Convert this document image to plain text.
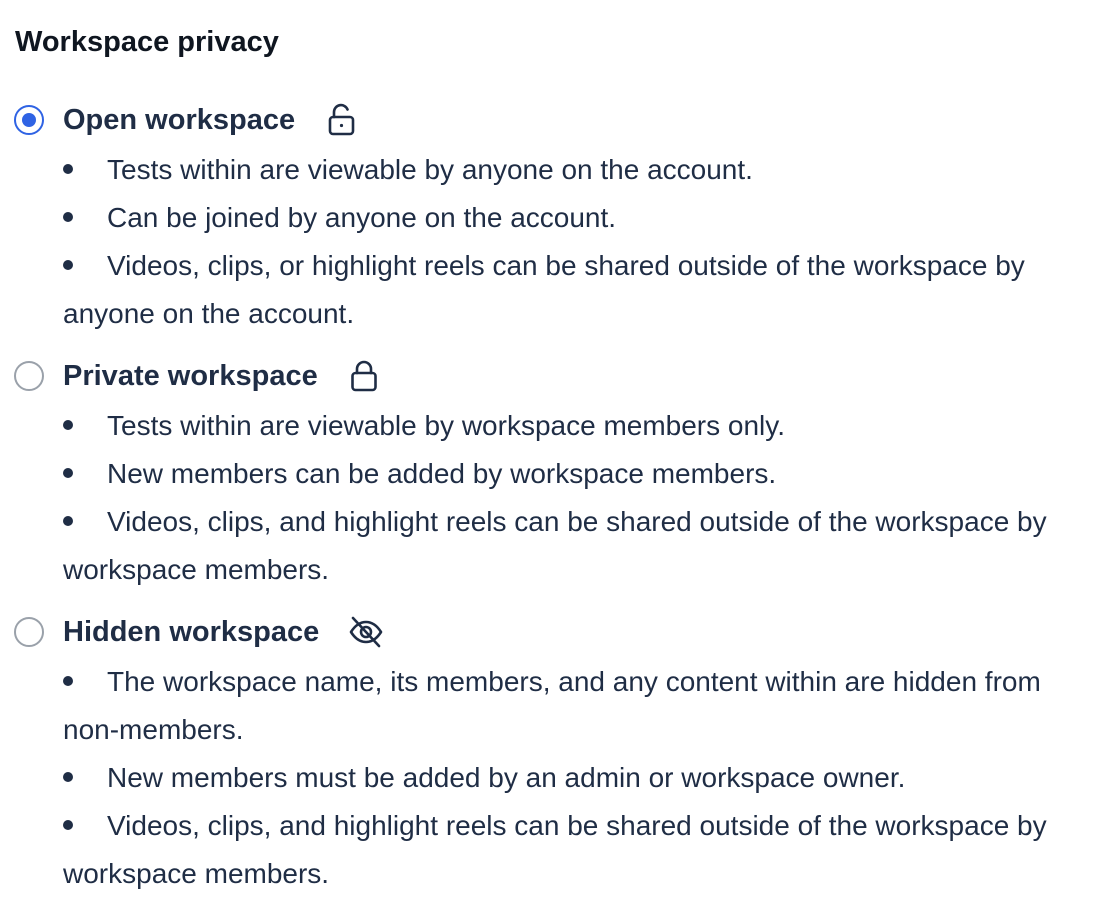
Workspace privacy
Open workspace
Tests within are viewable by anyone on the account.
Can be joined by anyone on the account.
Videos, clips, or highlight reels can be shared outside of the workspace by anyone on the account.
Private workspace
Tests within are viewable by workspace members only.
New members can be added by workspace members.
Videos, clips, and highlight reels can be shared outside of the workspace by workspace members.
Hidden workspace
The workspace name, its members, and any content within are hidden from non-members.
New members must be added by an admin or workspace owner.
Videos, clips, and highlight reels can be shared outside of the workspace by workspace members.
